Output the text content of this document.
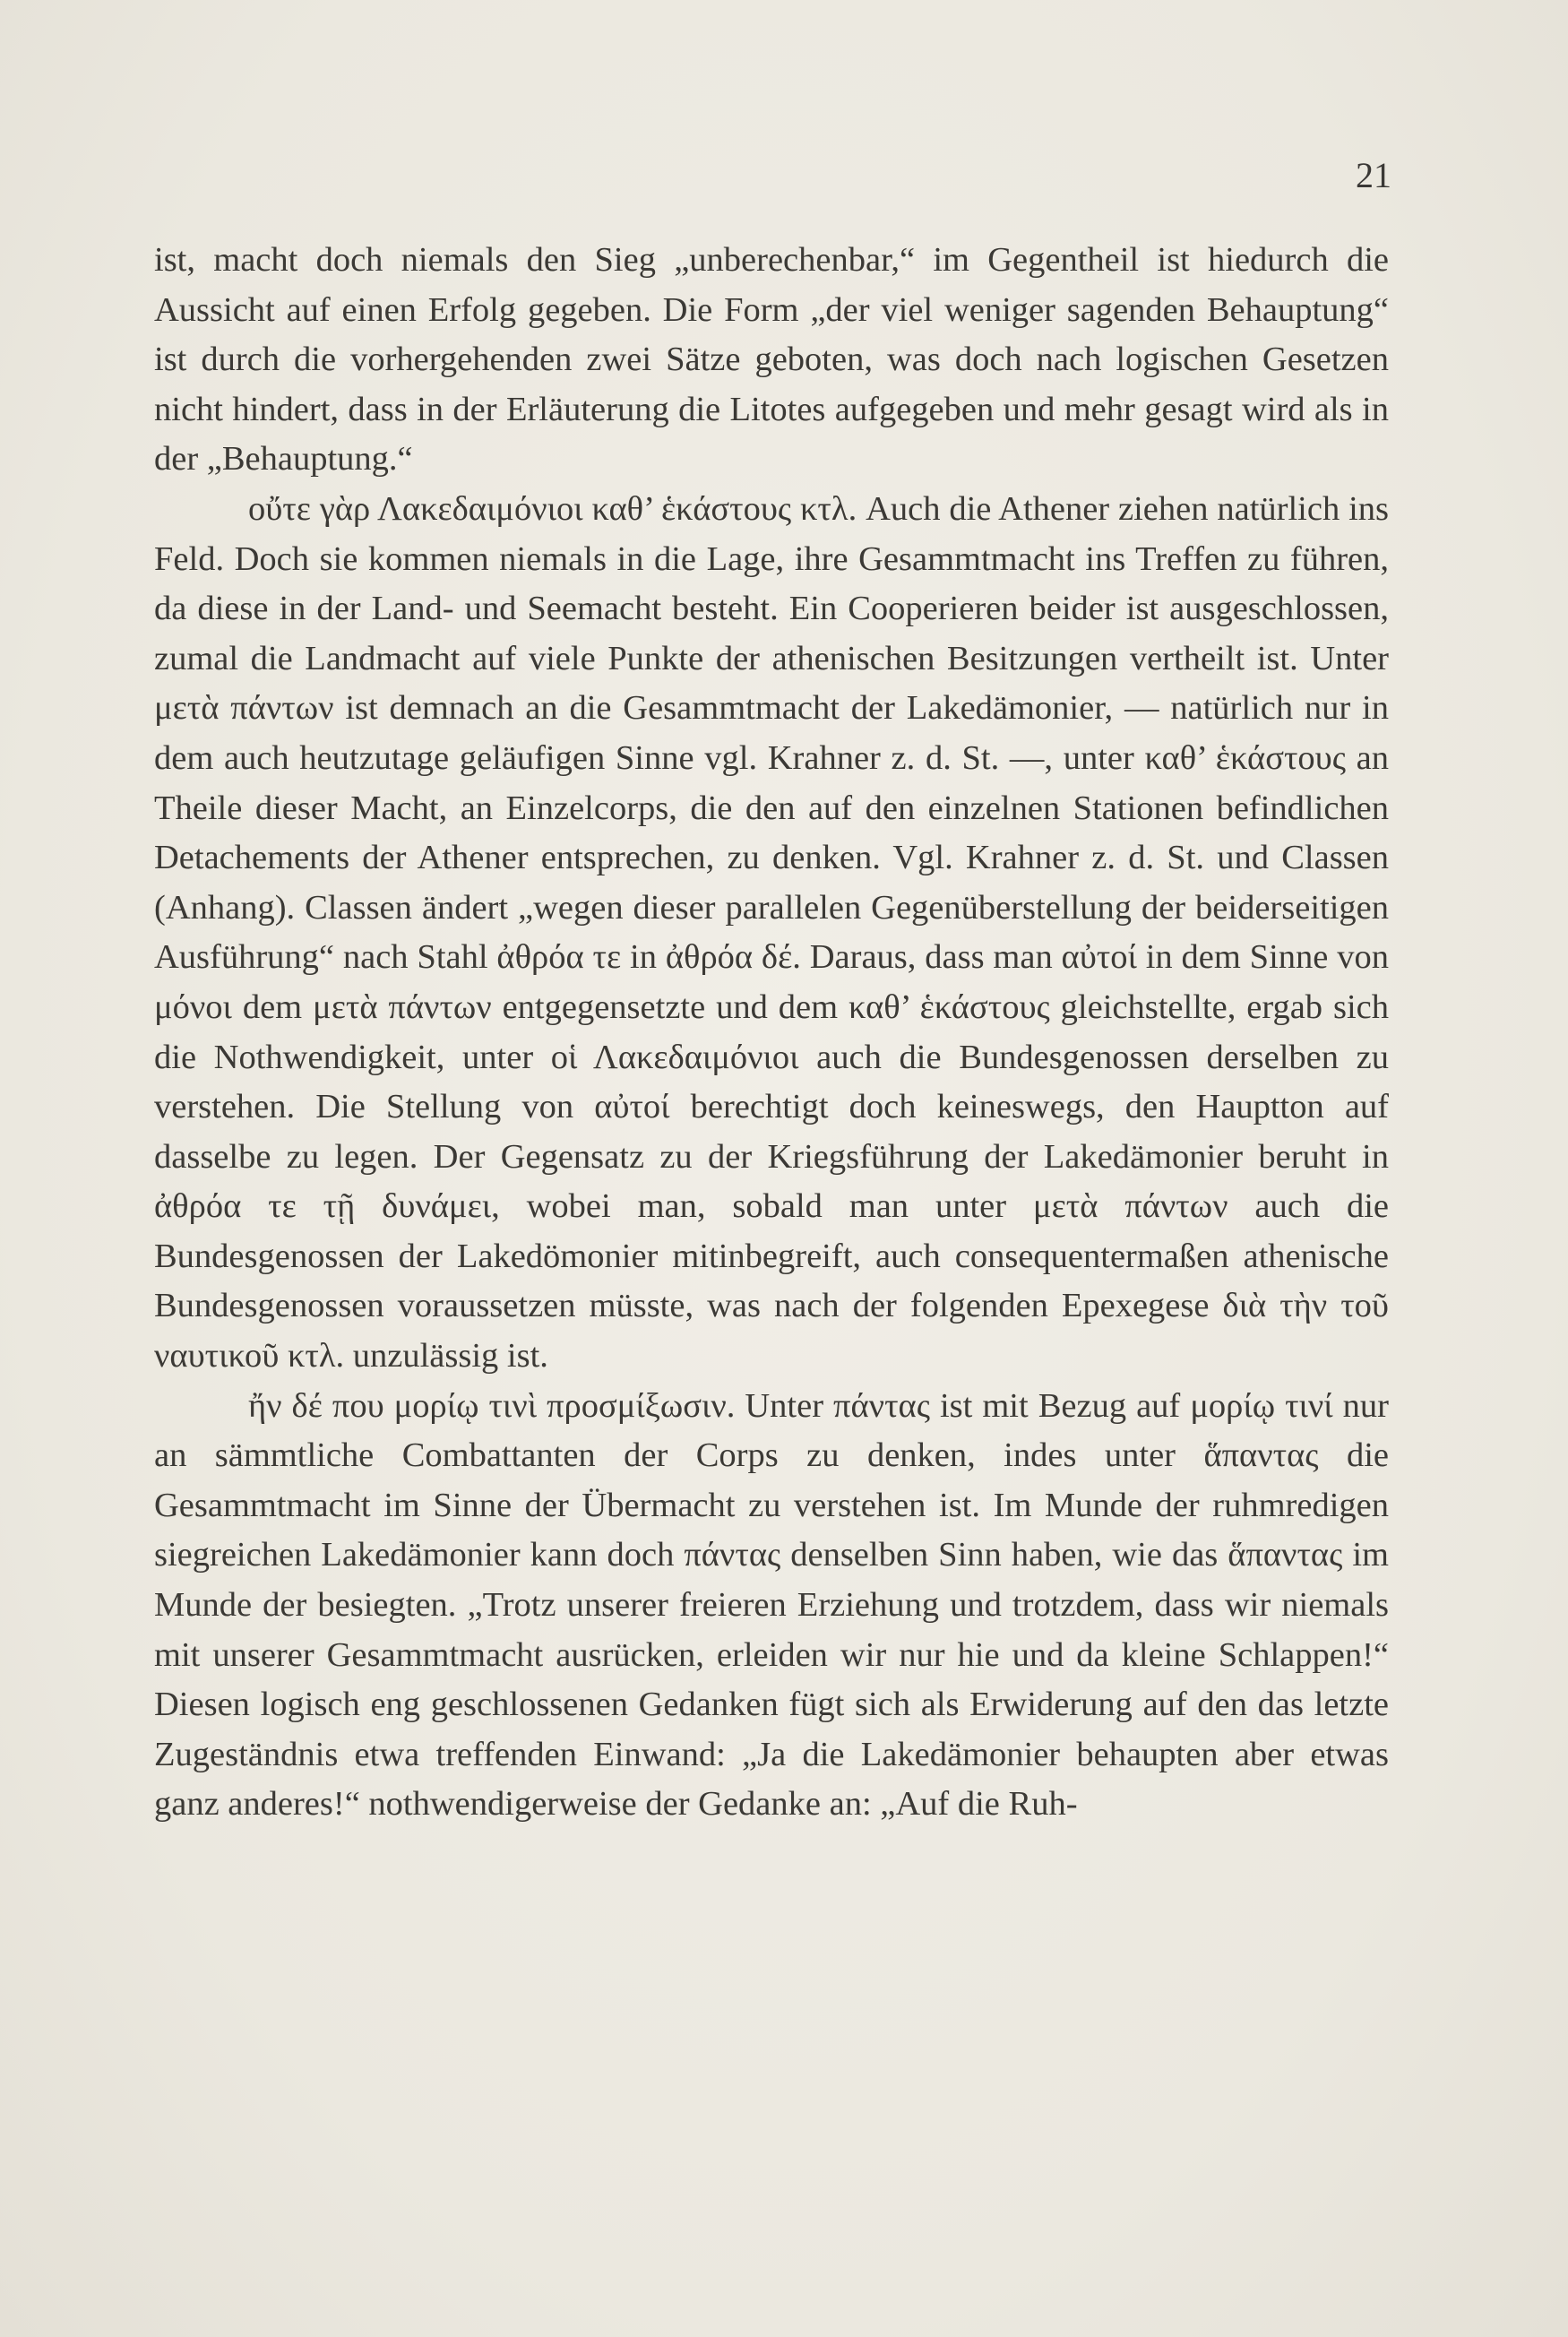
21

ist, macht doch niemals den Sieg „unberechenbar,“ im Gegentheil ist hiedurch die Aussicht auf einen Erfolg gegeben. Die Form „der viel weniger sagenden Behauptung“ ist durch die vorhergehenden zwei Sätze geboten, was doch nach logischen Gesetzen nicht hindert, dass in der Erläuterung die Litotes aufgegeben und mehr gesagt wird als in der „Behauptung.“

οὔτε γὰρ Λακεδαιμόνιοι καθ’ ἑκάστους κτλ. Auch die Athener ziehen natürlich ins Feld. Doch sie kommen niemals in die Lage, ihre Gesammtmacht ins Treffen zu führen, da diese in der Land- und Seemacht besteht. Ein Cooperieren beider ist ausgeschlossen, zumal die Landmacht auf viele Punkte der athenischen Besitzungen vertheilt ist. Unter μετὰ πάντων ist demnach an die Gesammtmacht der Lakedämonier, — natürlich nur in dem auch heutzutage geläufigen Sinne vgl. Krahner z. d. St. —, unter καθ’ ἑκάστους an Theile dieser Macht, an Einzelcorps, die den auf den einzelnen Stationen befindlichen Detachements der Athener entsprechen, zu denken. Vgl. Krahner z. d. St. und Classen (Anhang). Classen ändert „wegen dieser parallelen Gegenüberstellung der beiderseitigen Ausführung“ nach Stahl ἀθρόα τε in ἀθρόα δέ. Daraus, dass man αὐτοί in dem Sinne von μόνοι dem μετὰ πάντων entgegensetzte und dem καθ’ ἑκάστους gleichstellte, ergab sich die Nothwendigkeit, unter οἱ Λακεδαιμόνιοι auch die Bundesgenossen derselben zu verstehen. Die Stellung von αὐτοί berechtigt doch keineswegs, den Hauptton auf dasselbe zu legen. Der Gegensatz zu der Kriegsführung der Lakedämonier beruht in ἀθρόα τε τῇ δυνάμει, wobei man, sobald man unter μετὰ πάντων auch die Bundesgenossen der Lakedömonier mitinbegreift, auch consequentermaßen athenische Bundesgenossen voraussetzen müsste, was nach der folgenden Epexegese διὰ τὴν τοῦ ναυτικοῦ κτλ. unzulässig ist.

ἤν δέ που μορίῳ τινὶ προσμίξωσιν. Unter πάντας ist mit Bezug auf μορίῳ τινί nur an sämmtliche Combattanten der Corps zu denken, indes unter ἅπαντας die Gesammtmacht im Sinne der Übermacht zu verstehen ist. Im Munde der ruhmredigen siegreichen Lakedämonier kann doch πάντας denselben Sinn haben, wie das ἅπαντας im Munde der besiegten. „Trotz unserer freieren Erziehung und trotzdem, dass wir niemals mit unserer Gesammtmacht ausrücken, erleiden wir nur hie und da kleine Schlappen!“ Diesen logisch eng geschlossenen Gedanken fügt sich als Erwiderung auf den das letzte Zugeständnis etwa treffenden Einwand: „Ja die Lakedämonier behaupten aber etwas ganz anderes!“ nothwendigerweise der Gedanke an: „Auf die Ruh-
